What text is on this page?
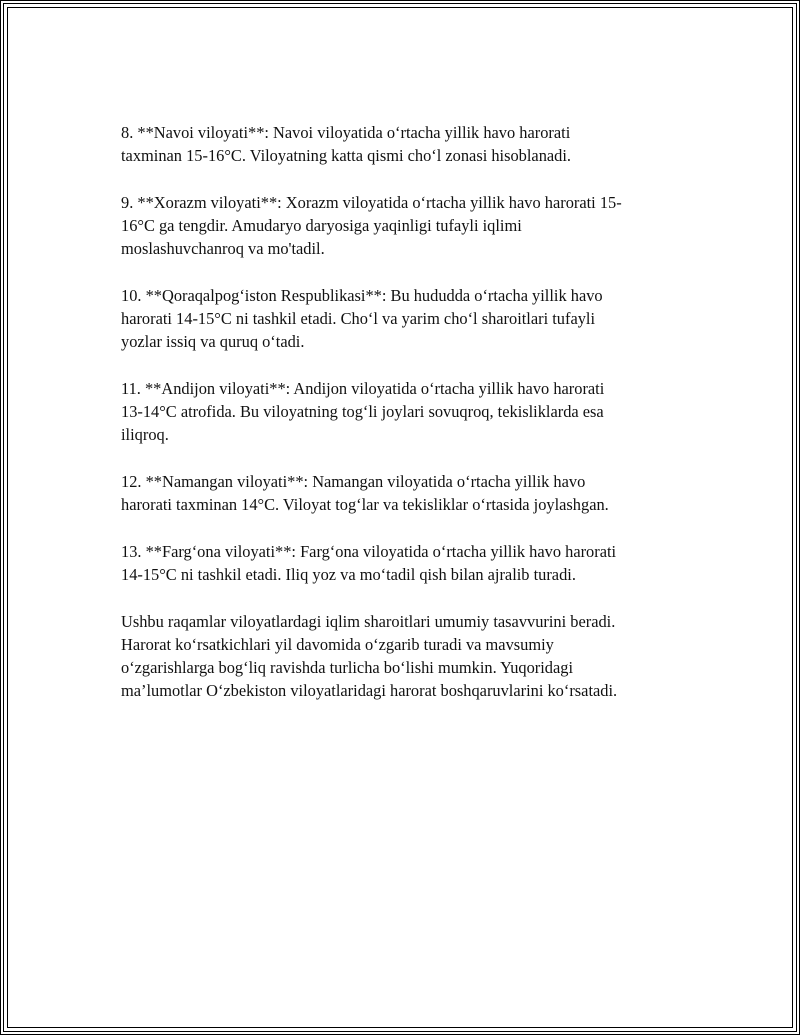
8. **Navoi viloyati**: Navoi viloyatida o‘rtacha yillik havo harorati
taxminan 15-16°C. Viloyatning katta qismi cho‘l zonasi hisoblanadi.

9. **Xorazm viloyati**: Xorazm viloyatida o‘rtacha yillik havo harorati 15-
16°C ga tengdir. Amudaryo daryosiga yaqinligi tufayli iqlimi
moslashuvchanroq va mo'tadil.

10. **Qoraqalpog‘iston Respublikasi**: Bu hududda o‘rtacha yillik havo
harorati 14-15°C ni tashkil etadi. Cho‘l va yarim cho‘l sharoitlari tufayli
yozlar issiq va quruq o‘tadi.

11. **Andijon viloyati**: Andijon viloyatida o‘rtacha yillik havo harorati
13-14°C atrofida. Bu viloyatning tog‘li joylari sovuqroq, tekisliklarda esa
iliqroq.

12. **Namangan viloyati**: Namangan viloyatida o‘rtacha yillik havo
harorati taxminan 14°C. Viloyat tog‘lar va tekisliklar o‘rtasida joylashgan.

13. **Farg‘ona viloyati**: Farg‘ona viloyatida o‘rtacha yillik havo harorati
14-15°C ni tashkil etadi. Iliq yoz va mo‘tadil qish bilan ajralib turadi.

Ushbu raqamlar viloyatlardagi iqlim sharoitlari umumiy tasavvurini beradi.
Harorat ko‘rsatkichlari yil davomida o‘zgarib turadi va mavsumiy
o‘zgarishlarga bog‘liq ravishda turlicha bo‘lishi mumkin. Yuqoridagi
ma’lumotlar O‘zbekiston viloyatlaridagi harorat boshqaruvlarini ko‘rsatadi.
